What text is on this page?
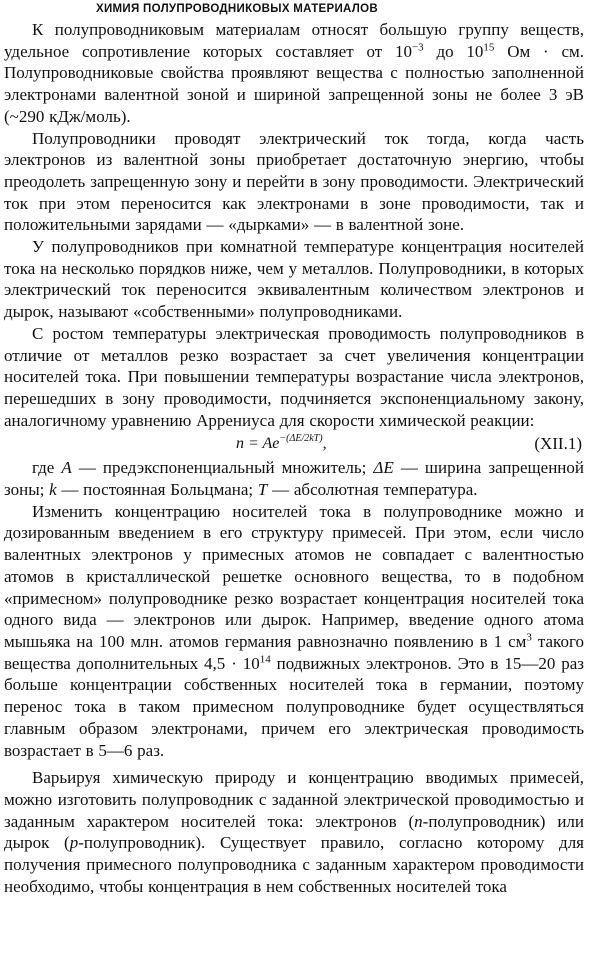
ХИМИЯ ПОЛУПРОВОДНИКОВЫХ МАТЕРИАЛОВ

К полупроводниковым материалам относят большую группу веществ, удельное сопротивление которых составляет от $10^{-3}$ до $10^{15}$ Ом · см. Полупроводниковые свойства проявляют вещества с полностью заполненной электронами валентной зоной и шириной запрещенной зоны не более 3 эВ (~290 кДж/моль).

Полупроводники проводят электрический ток тогда, когда часть электронов из валентной зоны приобретает достаточную энергию, чтобы преодолеть запрещенную зону и перейти в зону проводимости. Электрический ток при этом переносится как электронами в зоне проводимости, так и положительными зарядами — «дырками» — в валентной зоне.

У полупроводников при комнатной температуре концентрация носителей тока на несколько порядков ниже, чем у металлов. Полупроводники, в которых электрический ток переносится эквивалентным количеством электронов и дырок, называют «собственными» полупроводниками.

С ростом температуры электрическая проводимость полупроводников в отличие от металлов резко возрастает за счет увеличения концентрации носителей тока. При повышении температуры возрастание числа электронов, перешедших в зону проводимости, подчиняется экспоненциальному закону, аналогичному уравнению Аррениуса для скорости химической реакции:

$n = Ae^{-(\Delta E/2kT)}$,	(XII.1)

где A — предэкспоненциальный множитель; ΔE — ширина запрещенной зоны; k — постоянная Больцмана; T — абсолютная температура.

Изменить концентрацию носителей тока в полупроводнике можно и дозированным введением в его структуру примесей. При этом, если число валентных электронов у примесных атомов не совпадает с валентностью атомов в кристаллической решетке основного вещества, то в подобном «примесном» полупроводнике резко возрастает концентрация носителей тока одного вида — электронов или дырок. Например, введение одного атома мышьяка на 100 млн. атомов германия равнозначно появлению в 1 $см^3$ такого вещества дополнительных $4,5 \cdot 10^{14}$ подвижных электронов. Это в 15—20 раз больше концентрации собственных носителей тока в германии, поэтому перенос тока в таком примесном полупроводнике будет осуществляться главным образом электронами, причем его электрическая проводимость возрастает в 5—6 раз.

Варьируя химическую природу и концентрацию вводимых примесей, можно изготовить полупроводник с заданной электрической проводимостью и заданным характером носителей тока: электронов (n-полупроводник) или дырок (p-полупроводник). Существует правило, согласно которому для получения примесного полупроводника с заданным характером проводимости необходимо, чтобы концентрация в нем собственных носителей тока
